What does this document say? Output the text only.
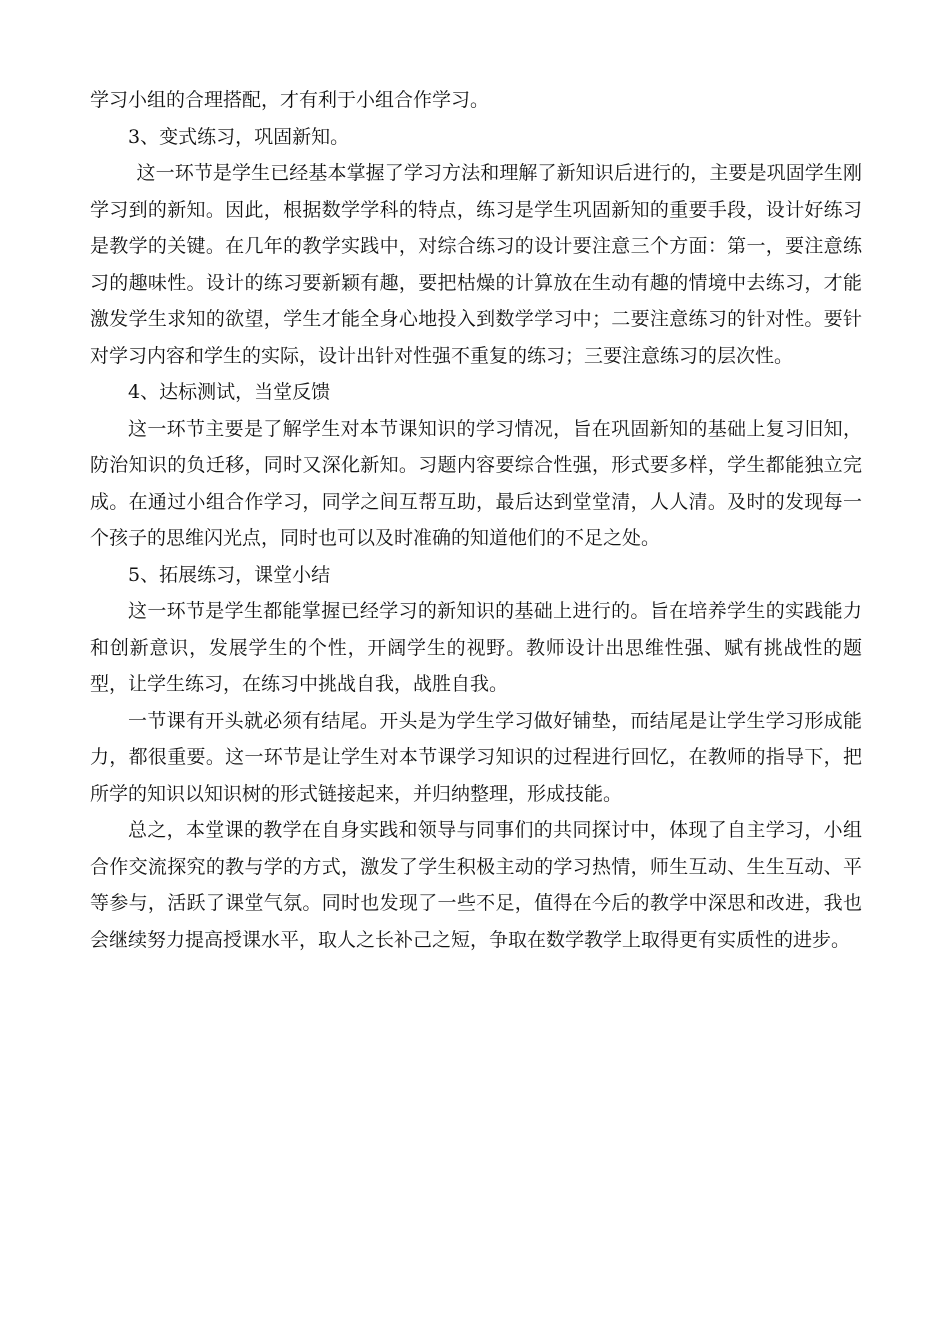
学习小组的合理搭配，才有利于小组合作学习。

3、变式练习，巩固新知。

这一环节是学生已经基本掌握了学习方法和理解了新知识后进行的，主要是巩固学生刚学习到的新知。因此，根据数学学科的特点，练习是学生巩固新知的重要手段，设计好练习是教学的关键。在几年的教学实践中，对综合练习的设计要注意三个方面：第一，要注意练习的趣味性。设计的练习要新颖有趣，要把枯燥的计算放在生动有趣的情境中去练习，才能激发学生求知的欲望，学生才能全身心地投入到数学学习中；二要注意练习的针对性。要针对学习内容和学生的实际，设计出针对性强不重复的练习；三要注意练习的层次性。

4、达标测试，当堂反馈

这一环节主要是了解学生对本节课知识的学习情况，旨在巩固新知的基础上复习旧知，防治知识的负迁移，同时又深化新知。习题内容要综合性强，形式要多样，学生都能独立完成。在通过小组合作学习，同学之间互帮互助，最后达到堂堂清，人人清。及时的发现每一个孩子的思维闪光点，同时也可以及时准确的知道他们的不足之处。

5、拓展练习，课堂小结

这一环节是学生都能掌握已经学习的新知识的基础上进行的。旨在培养学生的实践能力和创新意识，发展学生的个性，开阔学生的视野。教师设计出思维性强、赋有挑战性的题型，让学生练习，在练习中挑战自我，战胜自我。

一节课有开头就必须有结尾。开头是为学生学习做好铺垫，而结尾是让学生学习形成能力，都很重要。这一环节是让学生对本节课学习知识的过程进行回忆，在教师的指导下，把所学的知识以知识树的形式链接起来，并归纳整理，形成技能。

总之，本堂课的教学在自身实践和领导与同事们的共同探讨中，体现了自主学习，小组合作交流探究的教与学的方式，激发了学生积极主动的学习热情，师生互动、生生互动、平等参与，活跃了课堂气氛。同时也发现了一些不足，值得在今后的教学中深思和改进，我也会继续努力提高授课水平，取人之长补己之短，争取在数学教学上取得更有实质性的进步。
